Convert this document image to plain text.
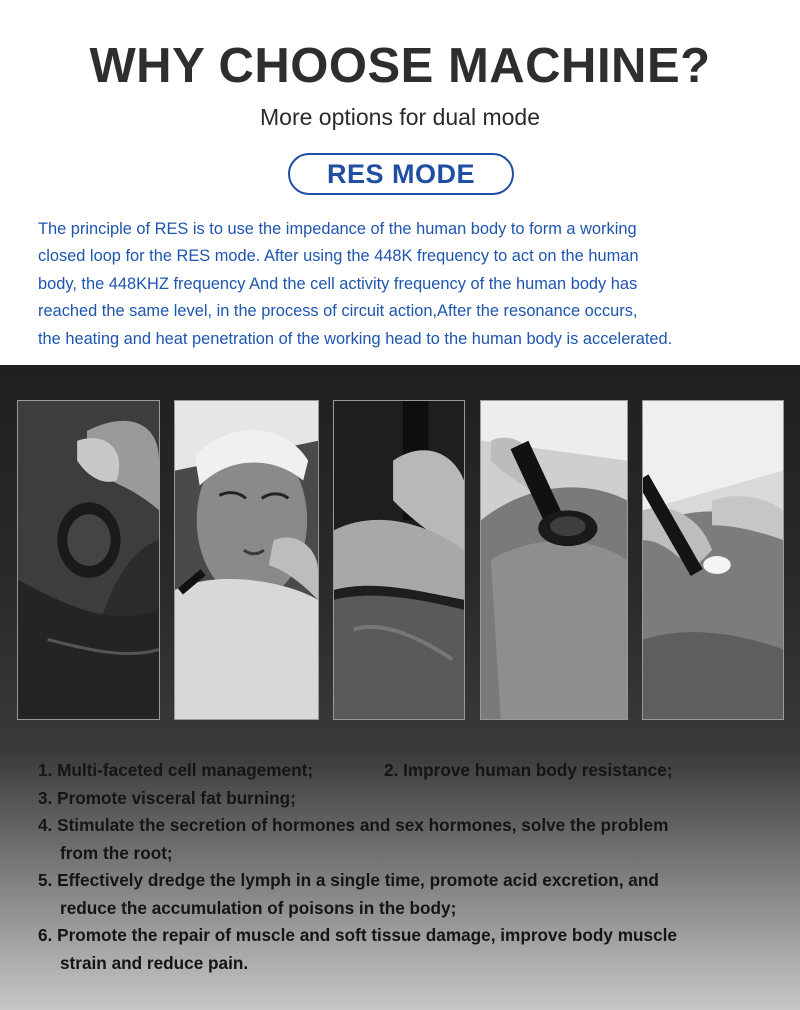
WHY CHOOSE MACHINE?
More options for dual mode
RES MODE
The principle of RES is to use the impedance of the human body to form a working
closed loop for the RES mode. After using the 448K frequency to act on the human
body, the 448KHZ frequency And the cell activity frequency of the human body has
reached the same level, in the process of circuit action,After the resonance occurs,
the heating and heat penetration of the working head to the human body is accelerated.
1. Multi-faceted cell management;	2. Improve human body resistance;
3. Promote visceral fat burning;
4. Stimulate the secretion of hormones and sex hormones, solve the problem
from the root;
5. Effectively dredge the lymph in a single time, promote acid excretion, and
reduce the accumulation of poisons in the body;
6. Promote the repair of muscle and soft tissue damage, improve body muscle
strain and reduce pain.
